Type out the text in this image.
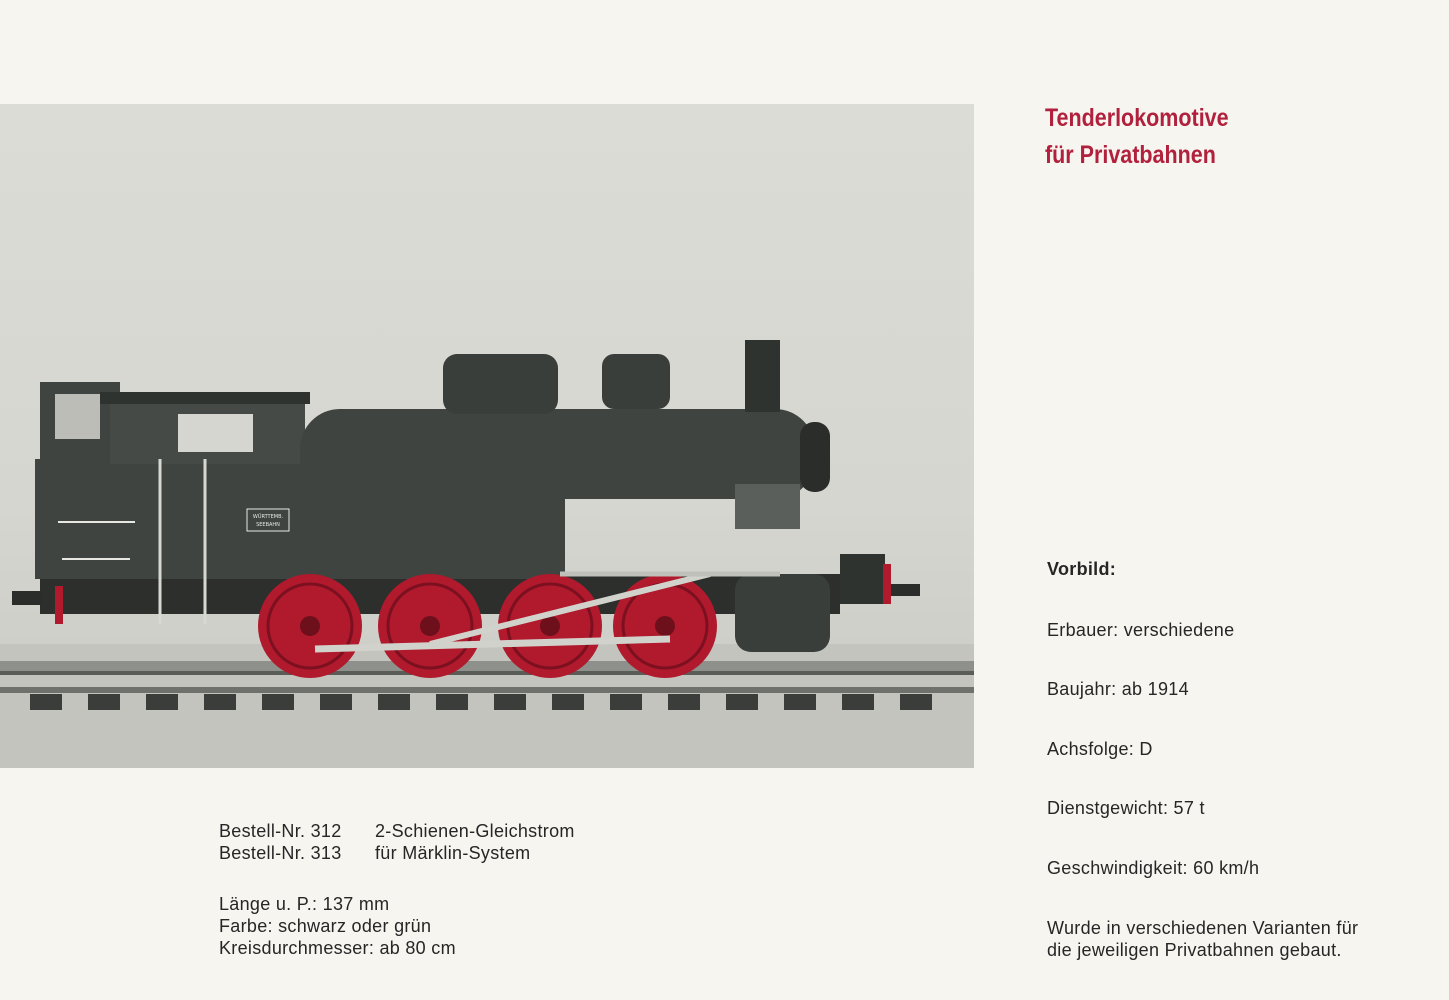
WÜRTTEMB.
SEEBAHN
Tenderlokomotive
für Privatbahnen
Vorbild:
Erbauer: verschiedene
Baujahr: ab 1914
Achsfolge: D
Dienstgewicht: 57 t
Geschwindigkeit: 60 km/h
Wurde in verschiedenen Varianten für
die jeweiligen Privatbahnen gebaut.
Bestell-Nr. 312	2-Schienen-Gleichstrom
Bestell-Nr. 313	für Märklin-System
Länge u. P.: 137 mm
Farbe: schwarz oder grün
Kreisdurchmesser: ab 80 cm
